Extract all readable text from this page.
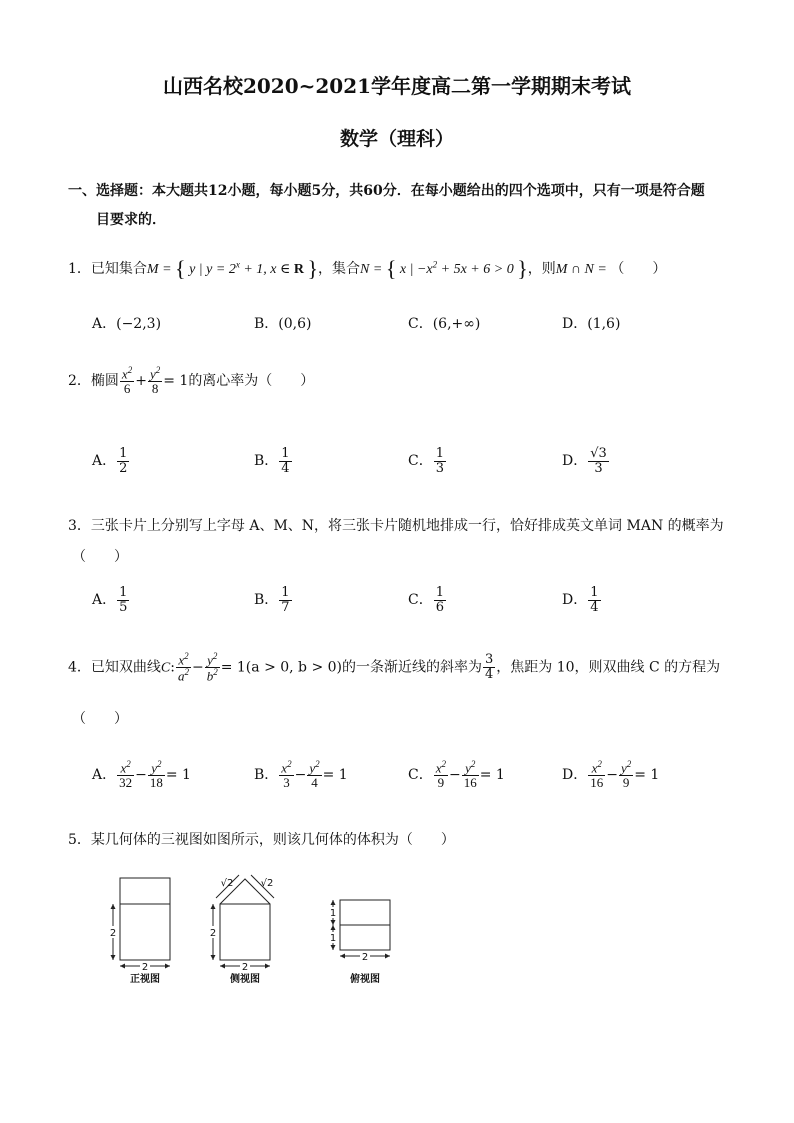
山西名校2020~2021学年度高二第一学期期末考试
数学（理科）
一、选择题：本大题共12小题，每小题5分，共60分．在每小题给出的四个选项中，只有一项是符合题
目要求的．
1．已知集合M = { y | $y = 2^x + 1$, x ∈ R }，集合N = { x | $-x^2 + 5x + 6 > 0$ }，则M ∩ N = （　　）
A．(−2,3)	B．(0,6)	C．(6,+∞)	D．(1,6)
2．椭圆 $\frac{x^2}{6} + \frac{y^2}{8} = 1$的离心率为（　　）
A． $\frac{1}{2}$	B． $\frac{1}{4}$	C． $\frac{1}{3}$	D． $\frac{√3}{3}$
3．三张卡片上分别写上字母 A、M、N，将三张卡片随机地排成一行，恰好排成英文单词 MAN 的概率为
（　　）
A． $\frac{1}{5}$	B． $\frac{1}{7}$	C． $\frac{1}{6}$	D． $\frac{1}{4}$
4．已知双曲线C: $\frac{x^2}{a^2} - \frac{y^2}{b^2} = 1(a > 0$, b > 0)的一条渐近线的斜率为 $\frac{3}{4}$ ，焦距为 10，则双曲线 C 的方程为
（　　）
A． $\frac{x^2}{32} - \frac{y^2}{18} = 1$	B． $\frac{x^2}{3} - \frac{y^2}{4} = 1$	C． $\frac{x^2}{9} - \frac{y^2}{16} = 1$	D． $\frac{x^2}{16} - \frac{y^2}{9} = 1$
5．某几何体的三视图如图所示，则该几何体的体积为（　　）
2
2
2
2
√2	√2
1
1
2
正视图	侧视图	俯视图
